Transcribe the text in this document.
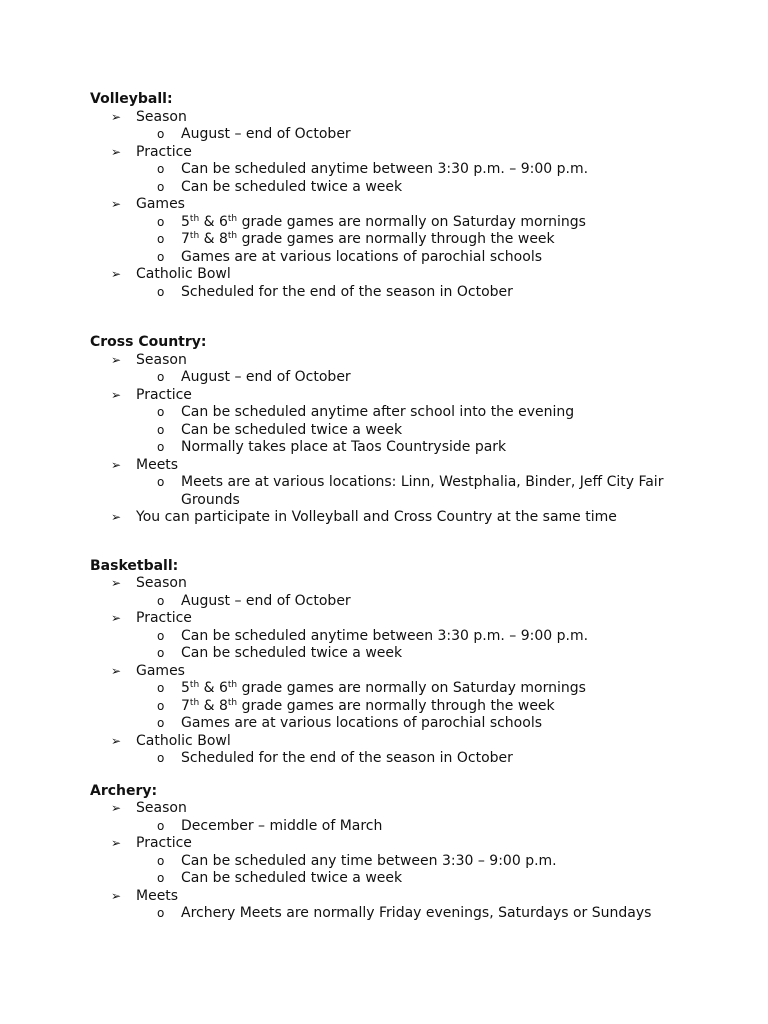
Volleyball:
➢ Season
o August – end of October
➢ Practice
o Can be scheduled anytime between 3:30 p.m. – 9:00 p.m.
o Can be scheduled twice a week
➢ Games
o 5th & 6th grade games are normally on Saturday mornings
o 7th & 8th grade games are normally through the week
o Games are at various locations of parochial schools
➢ Catholic Bowl
o Scheduled for the end of the season in October
Cross Country:
➢ Season
o August – end of October
➢ Practice
o Can be scheduled anytime after school into the evening
o Can be scheduled twice a week
o Normally takes place at Taos Countryside park
➢ Meets
o Meets are at various locations: Linn, Westphalia, Binder, Jeff City Fair Grounds
➢ You can participate in Volleyball and Cross Country at the same time
Basketball:
➢ Season
o August – end of October
➢ Practice
o Can be scheduled anytime between 3:30 p.m. – 9:00 p.m.
o Can be scheduled twice a week
➢ Games
o 5th & 6th grade games are normally on Saturday mornings
o 7th & 8th grade games are normally through the week
o Games are at various locations of parochial schools
➢ Catholic Bowl
o Scheduled for the end of the season in October
Archery:
➢ Season
o December – middle of March
➢ Practice
o Can be scheduled any time between 3:30 – 9:00 p.m.
o Can be scheduled twice a week
➢ Meets
o Archery Meets are normally Friday evenings, Saturdays or Sundays
